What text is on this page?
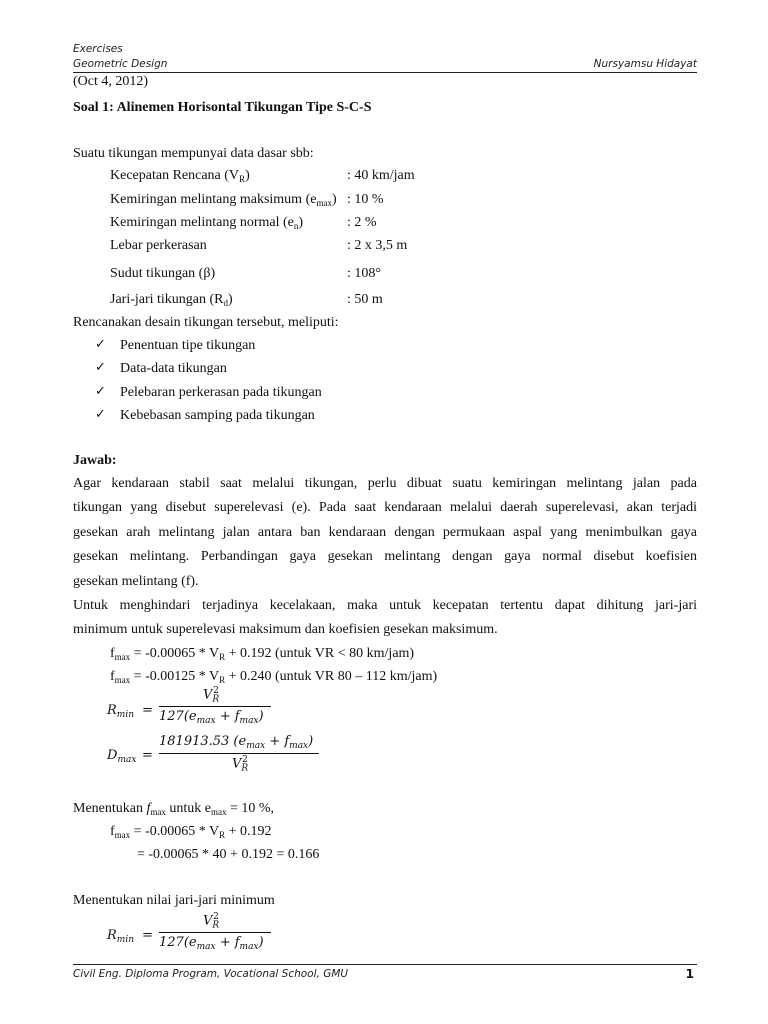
Exercises
Geometric Design	Nursyamsu Hidayat
(Oct 4, 2012)
Soal 1: Alinemen Horisontal Tikungan Tipe S-C-S
Suatu tikungan mempunyai data dasar sbb:
Kecepatan Rencana $(V_R)$	: 40 km/jam
Kemiringan melintang maksimum $(e_{max})$ : 10 %
Kemiringan melintang normal $(e_n)$	: 2 %
Lebar perkerasan	: 2 x 3,5 m
Sudut tikungan (β)	: 108°
Jari-jari tikungan $(R_d)$	: 50 m
Rencanakan desain tikungan tersebut, meliputi:
✓ Penentuan tipe tikungan
✓ Data-data tikungan
✓ Pelebaran perkerasan pada tikungan
✓ Kebebasan samping pada tikungan
Jawab:
Agar kendaraan stabil saat melalui tikungan, perlu dibuat suatu kemiringan melintang jalan pada
tikungan yang disebut superelevasi (e). Pada saat kendaraan melalui daerah superelevasi, akan terjadi
gesekan arah melintang jalan antara ban kendaraan dengan permukaan aspal yang menimbulkan gaya
gesekan melintang. Perbandingan gaya gesekan melintang dengan gaya normal disebut koefisien
gesekan melintang (f).
Untuk menghindari terjadinya kecelakaan, maka untuk kecepatan tertentu dapat dihitung jari-jari
minimum untuk superelevasi maksimum dan koefisien gesekan maksimum.
$f_{max} = -0.00065 * V_R + 0.192$ (untuk VR < 80 km/jam)
$f_{max} = -0.00125 * V_R + 0.240$ (untuk VR 80 – 112 km/jam)
$R_{min}$ =
$V_R^2$
$127(e_{max} + f_{max})$
$D_{max}$ =
181913.53 $(e_{max} + f_{max})$
$V_R^2$
Menentukan $f_{max}$ untuk $e_{max} = 10$ %,
$f_{max} = -0.00065 * V_R + 0.192$
= -0.00065 * 40 + 0.192 = 0.166
Menentukan nilai jari-jari minimum
$R_{min}$ =
$V_R^2$
$127(e_{max} + f_{max})$
Civil Eng. Diploma Program, Vocational School, GMU	1
